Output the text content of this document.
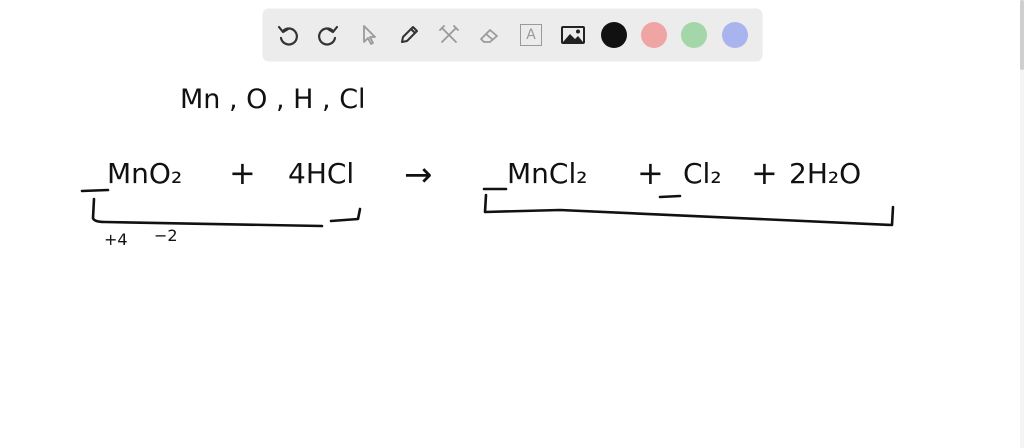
Mn , O , H , Cl
MnO₂ + 4HCl →	MnCl₂ + Cl₂ + 2H₂O
+4 −2
A
